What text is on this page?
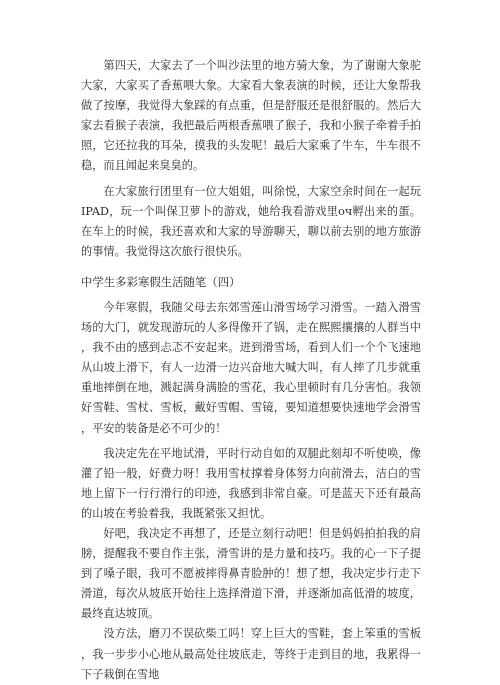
第四天，大家去了一个叫沙法里的地方骑大象，为了谢谢大象驼大家，大家买了香蕉喂大象。大家看大象表演的时候，还让大象帮我做了按摩，我觉得大象踩的有点重，但是舒服还是很舒服的。然后大家去看猴子表演，我把最后两根香蕉喂了猴子，我和小猴子牵着手拍照，它还拉我的耳朵，摸我的头发呢！最后大家乘了牛车，牛车很不稳，而且闻起来臭臭的。

在大家旅行团里有一位大姐姐，叫徐悦，大家空余时间在一起玩IPAD，玩一个叫保卫萝卜的游戏，她给我看游戏里оч孵出来的蛋。在车上的时候，我还喜欢和大家的导游聊天，聊以前去别的地方旅游的事情。我觉得这次旅行很快乐。

中学生多彩寒假生活随笔（四）

今年寒假，我随父母去东郊雪莲山滑雪场学习滑雪。一踏入滑雪场的大门，就发现游玩的人多得像开了锅，走在熙熙攘攘的人群当中，我不由的感到忐忑不安起来。进到滑雪场，看到人们一个个飞速地从山坡上滑下，有人一边滑一边兴奋地大喊大叫，有人摔了几步就重重地摔倒在地，溅起满身满脸的雪花，我心里顿时有几分害怕。我领好雪鞋、雪杖、雪板，戴好雪帽、雪镜，要知道想要快速地学会滑雪，平安的装备是必不可少的！

我决定先在平地试滑，平时行动自如的双腿此刻却不听使唤，像灌了铅一般，好费力呀！我用雪杖撑着身体努力向前滑去，洁白的雪地上留下一行行滑行的印迹，我感到非常自豪。可是蓝天下还有最高的山坡在考验着我，我既紧张又担忧。

好吧，我决定不再想了，还是立刻行动吧！但是妈妈拍拍我的肩膀，提醒我不要自作主张，滑雪讲的是力量和技巧。我的心一下子提到了嗓子眼，我可不愿被摔得鼻青脸肿的！想了想，我决定步行走下滑道，每次从坡底开始往上选择滑道下滑，并逐渐加高低滑的坡度，最终直达坡顶。

没方法，磨刀不误砍柴工吗！穿上巨大的雪鞋，套上笨重的雪板，我一步步小心地从最高处往坡底走，等终于走到目的地，我累得一下子栽倒在雪地
